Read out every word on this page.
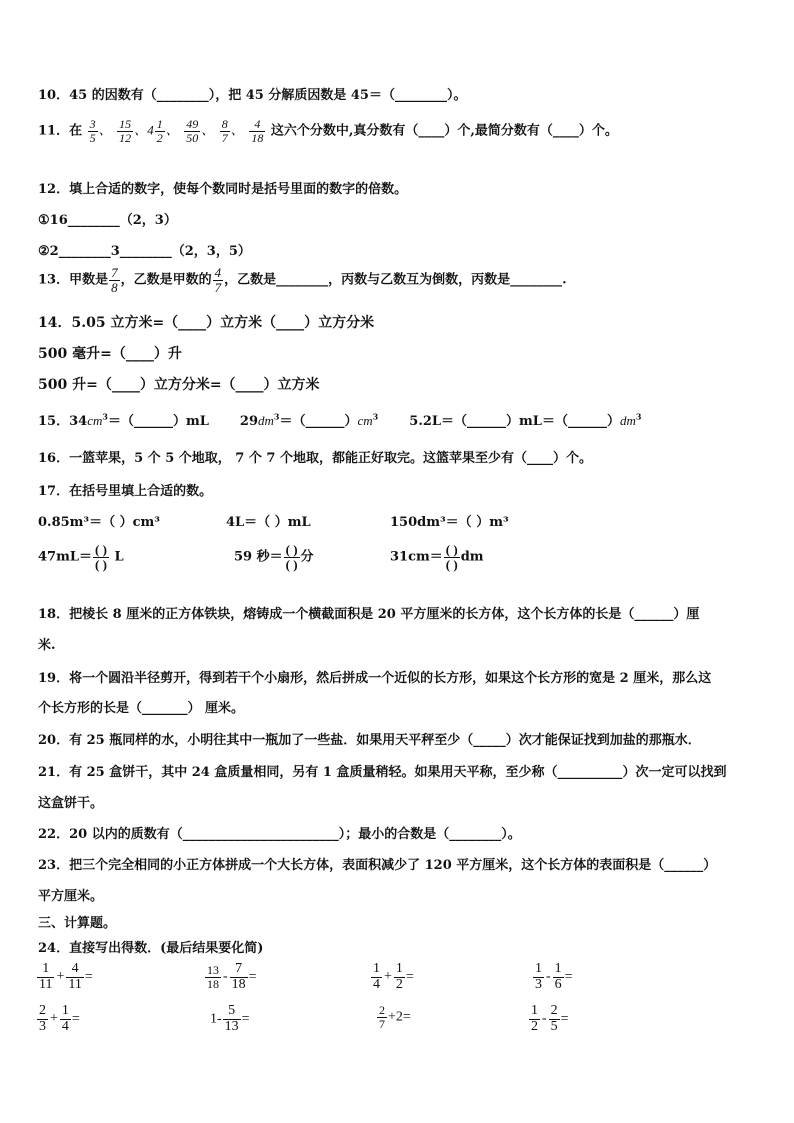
10．45 的因数有（________），把 45 分解质因数是 45＝（________）。
11．在 $\frac{3}{5}$ 、 $\frac{15}{12}$ 、$4 \frac{1}{2}$ 、 $\frac{49}{50}$ 、 $\frac{8}{7}$ 、 $\frac{4}{18}$ 这六个分数中,真分数有（____）个,最简分数有（____）个。
12．填上合适的数字，使每个数同时是括号里面的数字的倍数。
①16________（2，3）
②2________3________（2，3，5）
13．甲数是 $\frac{7}{8}$ ，乙数是甲数的 $\frac{4}{7}$ ，乙数是________，丙数与乙数互为倒数，丙数是________.
14．5.05 立方米=（____）立方米（____）立方分米
500 毫升=（____）升
500 升=（____）立方分米=（____）立方米
15．$34cm^3=(\_\_\_\_\_\_)mL$ $29dm^3=(\_\_\_\_\_\_)cm^3$ $5.2L=(\_\_\_\_\_\_)mL=(\_\_\_\_\_\_)dm^3$
16．一篮苹果，5 个 5 个地取， 7 个 7 个地取，都能正好取完。这篮苹果至少有（____）个。
17．在括号里填上合适的数。
0.85m³＝（ ）cm³	4L＝（ ）mL	150dm³＝（ ）m³
$47mL= \frac{( )}{( )}$ L	59 秒＝ $\frac{( )}{( )}$ 分	$31cm= \frac{( )}{( )}$ dm
18．把棱长 8 厘米的正方体铁块，熔铸成一个横截面积是 20 平方厘米的长方体，这个长方体的长是（______）厘
米.
19．将一个圆沿半径剪开，得到若干个小扇形，然后拼成一个近似的长方形，如果这个长方形的宽是 2 厘米，那么这
个长方形的长是（_______） 厘米。
20．有 25 瓶同样的水，小明往其中一瓶加了一些盐．如果用天平秤至少（_____）次才能保证找到加盐的那瓶水．
21．有 25 盒饼干，其中 24 盒质量相同，另有 1 盒质量稍轻。如果用天平称，至少称（__________）次一定可以找到
这盒饼干。
22．20 以内的质数有（________________________）；最小的合数是（________）。
23．把三个完全相同的小正方体拼成一个大长方体，表面积减少了 120 平方厘米，这个长方体的表面积是（______）
平方厘米。
三、计算题。
24．直接写出得数．(最后结果要化简)
$\frac{1}{11} + \frac{4}{11}$ =	$\frac{13}{18} - \frac{7}{18}$ =	$\frac{1}{4} + \frac{1}{2}$ =	$\frac{1}{3} - \frac{1}{6}$ =
$\frac{2}{3} + \frac{1}{4}$ =	$1- \frac{5}{13}$ =	$\frac{2}{7} +2=$	$\frac{1}{2} - \frac{2}{5}$ =
